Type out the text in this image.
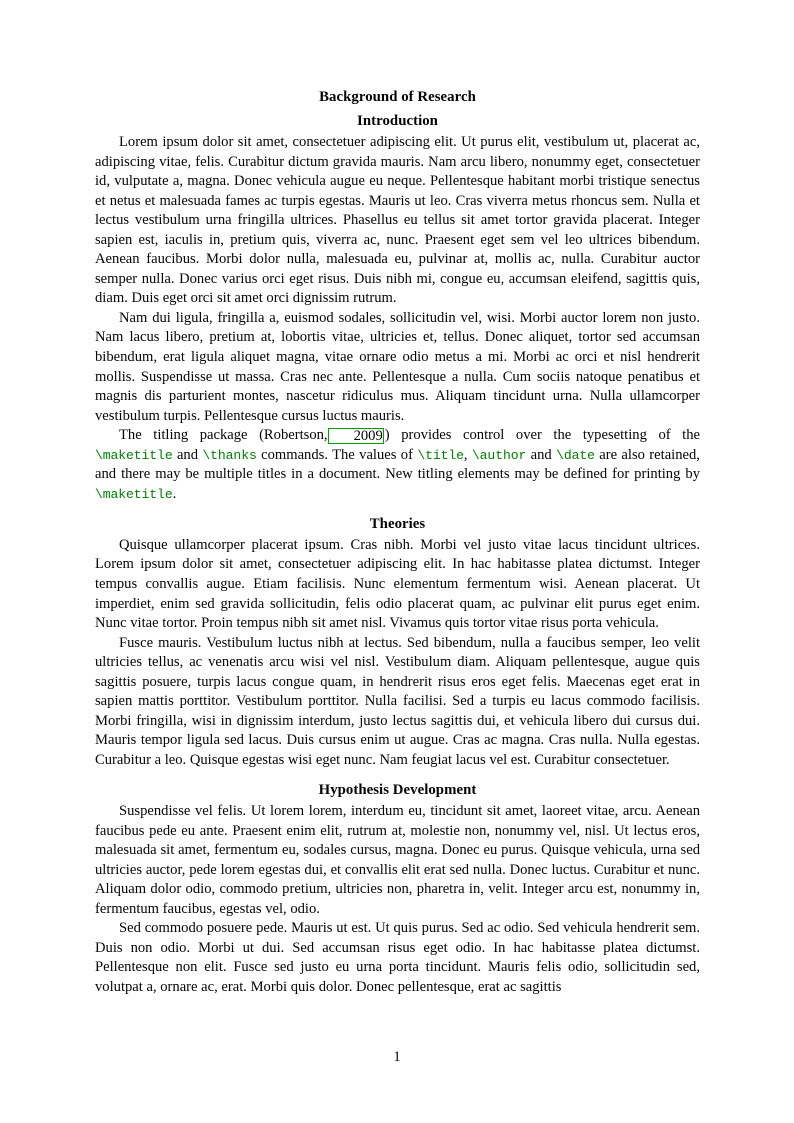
Background of Research
Introduction

Lorem ipsum dolor sit amet, consectetuer adipiscing elit. Ut purus elit, vestibulum ut, placerat ac, adipiscing vitae, felis. Curabitur dictum gravida mauris. Nam arcu libero, nonummy eget, consectetuer id, vulputate a, magna. Donec vehicula augue eu neque. Pellentesque habitant morbi tristique senectus et netus et malesuada fames ac turpis egestas. Mauris ut leo. Cras viverra metus rhoncus sem. Nulla et lectus vestibulum urna fringilla ultrices. Phasellus eu tellus sit amet tortor gravida placerat. Integer sapien est, iaculis in, pretium quis, viverra ac, nunc. Praesent eget sem vel leo ultrices bibendum. Aenean faucibus. Morbi dolor nulla, malesuada eu, pulvinar at, mollis ac, nulla. Curabitur auctor semper nulla. Donec varius orci eget risus. Duis nibh mi, congue eu, accumsan eleifend, sagittis quis, diam. Duis eget orci sit amet orci dignissim rutrum.

Nam dui ligula, fringilla a, euismod sodales, sollicitudin vel, wisi. Morbi auctor lorem non justo. Nam lacus libero, pretium at, lobortis vitae, ultricies et, tellus. Donec aliquet, tortor sed accumsan bibendum, erat ligula aliquet magna, vitae ornare odio metus a mi. Morbi ac orci et nisl hendrerit mollis. Suspendisse ut massa. Cras nec ante. Pellentesque a nulla. Cum sociis natoque penatibus et magnis dis parturient montes, nascetur ridiculus mus. Aliquam tincidunt urna. Nulla ullamcorper vestibulum turpis. Pellentesque cursus luctus mauris.

The titling package (Robertson, 2009 ) provides control over the typesetting of the \maketitle and \thanks commands. The values of \title, \author and \date are also retained, and there may be multiple titles in a document. New titling elements may be defined for printing by \maketitle.

Theories

Quisque ullamcorper placerat ipsum. Cras nibh. Morbi vel justo vitae lacus tincidunt ultrices. Lorem ipsum dolor sit amet, consectetuer adipiscing elit. In hac habitasse platea dictumst. Integer tempus convallis augue. Etiam facilisis. Nunc elementum fermentum wisi. Aenean placerat. Ut imperdiet, enim sed gravida sollicitudin, felis odio placerat quam, ac pulvinar elit purus eget enim. Nunc vitae tortor. Proin tempus nibh sit amet nisl. Vivamus quis tortor vitae risus porta vehicula.

Fusce mauris. Vestibulum luctus nibh at lectus. Sed bibendum, nulla a faucibus semper, leo velit ultricies tellus, ac venenatis arcu wisi vel nisl. Vestibulum diam. Aliquam pellentesque, augue quis sagittis posuere, turpis lacus congue quam, in hendrerit risus eros eget felis. Maecenas eget erat in sapien mattis porttitor. Vestibulum porttitor. Nulla facilisi. Sed a turpis eu lacus commodo facilisis. Morbi fringilla, wisi in dignissim interdum, justo lectus sagittis dui, et vehicula libero dui cursus dui. Mauris tempor ligula sed lacus. Duis cursus enim ut augue. Cras ac magna. Cras nulla. Nulla egestas. Curabitur a leo. Quisque egestas wisi eget nunc. Nam feugiat lacus vel est. Curabitur consectetuer.

Hypothesis Development

Suspendisse vel felis. Ut lorem lorem, interdum eu, tincidunt sit amet, laoreet vitae, arcu. Aenean faucibus pede eu ante. Praesent enim elit, rutrum at, molestie non, nonummy vel, nisl. Ut lectus eros, malesuada sit amet, fermentum eu, sodales cursus, magna. Donec eu purus. Quisque vehicula, urna sed ultricies auctor, pede lorem egestas dui, et convallis elit erat sed nulla. Donec luctus. Curabitur et nunc. Aliquam dolor odio, commodo pretium, ultricies non, pharetra in, velit. Integer arcu est, nonummy in, fermentum faucibus, egestas vel, odio.

Sed commodo posuere pede. Mauris ut est. Ut quis purus. Sed ac odio. Sed vehicula hendrerit sem. Duis non odio. Morbi ut dui. Sed accumsan risus eget odio. In hac habitasse platea dictumst. Pellentesque non elit. Fusce sed justo eu urna porta tincidunt. Mauris felis odio, sollicitudin sed, volutpat a, ornare ac, erat. Morbi quis dolor. Donec pellentesque, erat ac sagittis

1
